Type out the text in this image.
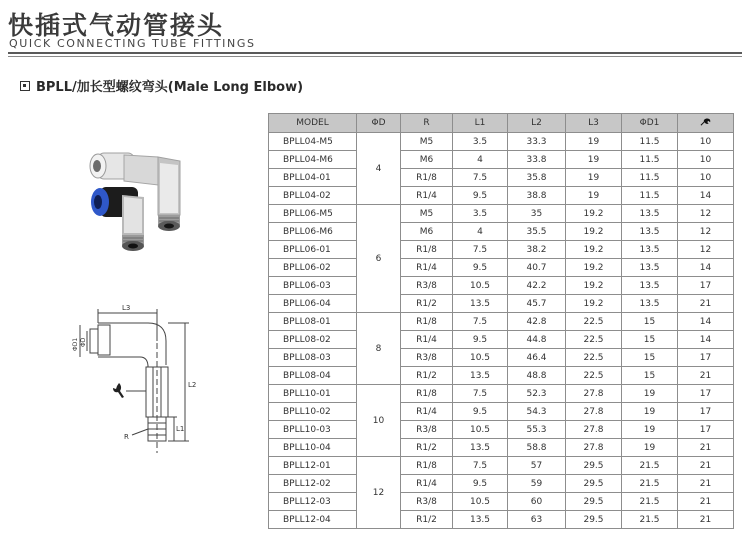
快插式气动管接头
QUICK CONNECTING TUBE FITTINGS
BPLL/加长型螺纹弯头(Male Long Elbow)
L3
L2
L1
R
ΦD1 ΦD
MODEL	ΦD	R	L1	L2	L3	ΦD1	
BPLL04-M5	4	M5	3.5	33.3	19	11.5	10
BPLL04-M6		M6	4	33.8	19	11.5	10
BPLL04-01		R1/8	7.5	35.8	19	11.5	10
BPLL04-02		R1/4	9.5	38.8	19	11.5	14
BPLL06-M5	6	M5	3.5	35	19.2	13.5	12
BPLL06-M6		M6	4	35.5	19.2	13.5	12
BPLL06-01		R1/8	7.5	38.2	19.2	13.5	12
BPLL06-02		R1/4	9.5	40.7	19.2	13.5	14
BPLL06-03		R3/8	10.5	42.2	19.2	13.5	17
BPLL06-04		R1/2	13.5	45.7	19.2	13.5	21
BPLL08-01	8	R1/8	7.5	42.8	22.5	15	14
BPLL08-02		R1/4	9.5	44.8	22.5	15	14
BPLL08-03		R3/8	10.5	46.4	22.5	15	17
BPLL08-04		R1/2	13.5	48.8	22.5	15	21
BPLL10-01	10	R1/8	7.5	52.3	27.8	19	17
BPLL10-02		R1/4	9.5	54.3	27.8	19	17
BPLL10-03		R3/8	10.5	55.3	27.8	19	17
BPLL10-04		R1/2	13.5	58.8	27.8	19	21
BPLL12-01	12	R1/8	7.5	57	29.5	21.5	21
BPLL12-02		R1/4	9.5	59	29.5	21.5	21
BPLL12-03		R3/8	10.5	60	29.5	21.5	21
BPLL12-04		R1/2	13.5	63	29.5	21.5	21
